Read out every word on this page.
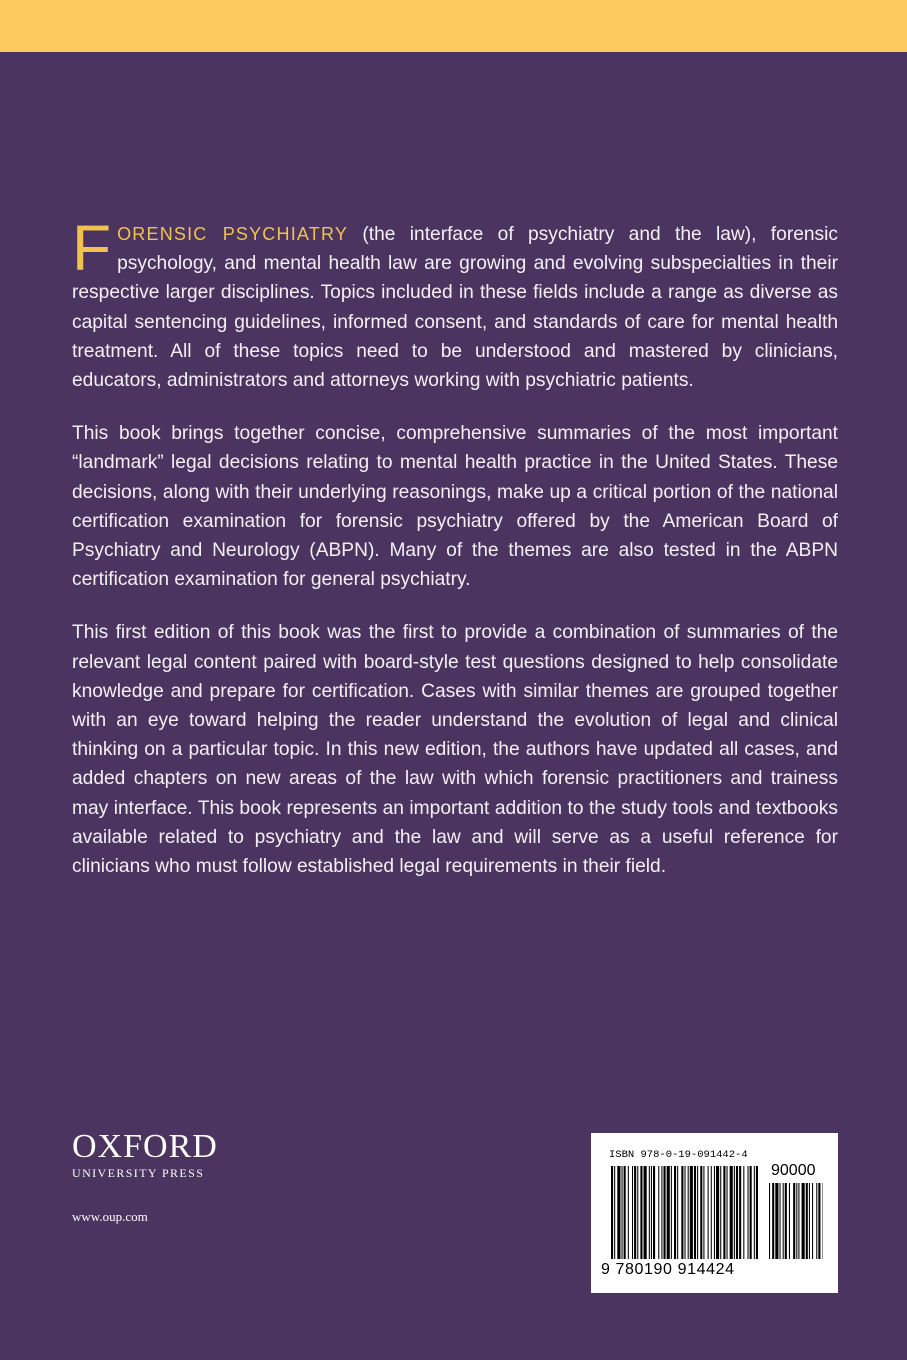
FORENSIC PSYCHIATRY (the interface of psychiatry and the law), forensic psychology, and mental health law are growing and evolving subspecialties in their respective larger disciplines. Topics included in these fields include a range as diverse as capital sentencing guidelines, informed consent, and standards of care for mental health treatment. All of these topics need to be understood and mastered by clinicians, educators, administrators and attorneys working with psychiatric patients.

This book brings together concise, comprehensive summaries of the most important “landmark” legal decisions relating to mental health practice in the United States. These decisions, along with their underlying reasonings, make up a critical portion of the national certification examination for forensic psychiatry offered by the American Board of Psychiatry and Neurology (ABPN). Many of the themes are also tested in the ABPN certification examination for general psychiatry.

This first edition of this book was the first to provide a combination of summaries of the relevant legal content paired with board-style test questions designed to help consolidate knowledge and prepare for certification. Cases with similar themes are grouped together with an eye toward helping the reader understand the evolution of legal and clinical thinking on a particular topic. In this new edition, the authors have updated all cases, and added chapters on new areas of the law with which forensic practitioners and trainess may interface. This book represents an important addition to the study tools and textbooks available related to psychiatry and the law and will serve as a useful reference for clinicians who must follow established legal requirements in their field.

OXFORD
UNIVERSITY PRESS
www.oup.com
ISBN 978-0-19-091442-4
90000
9 780190 914424
